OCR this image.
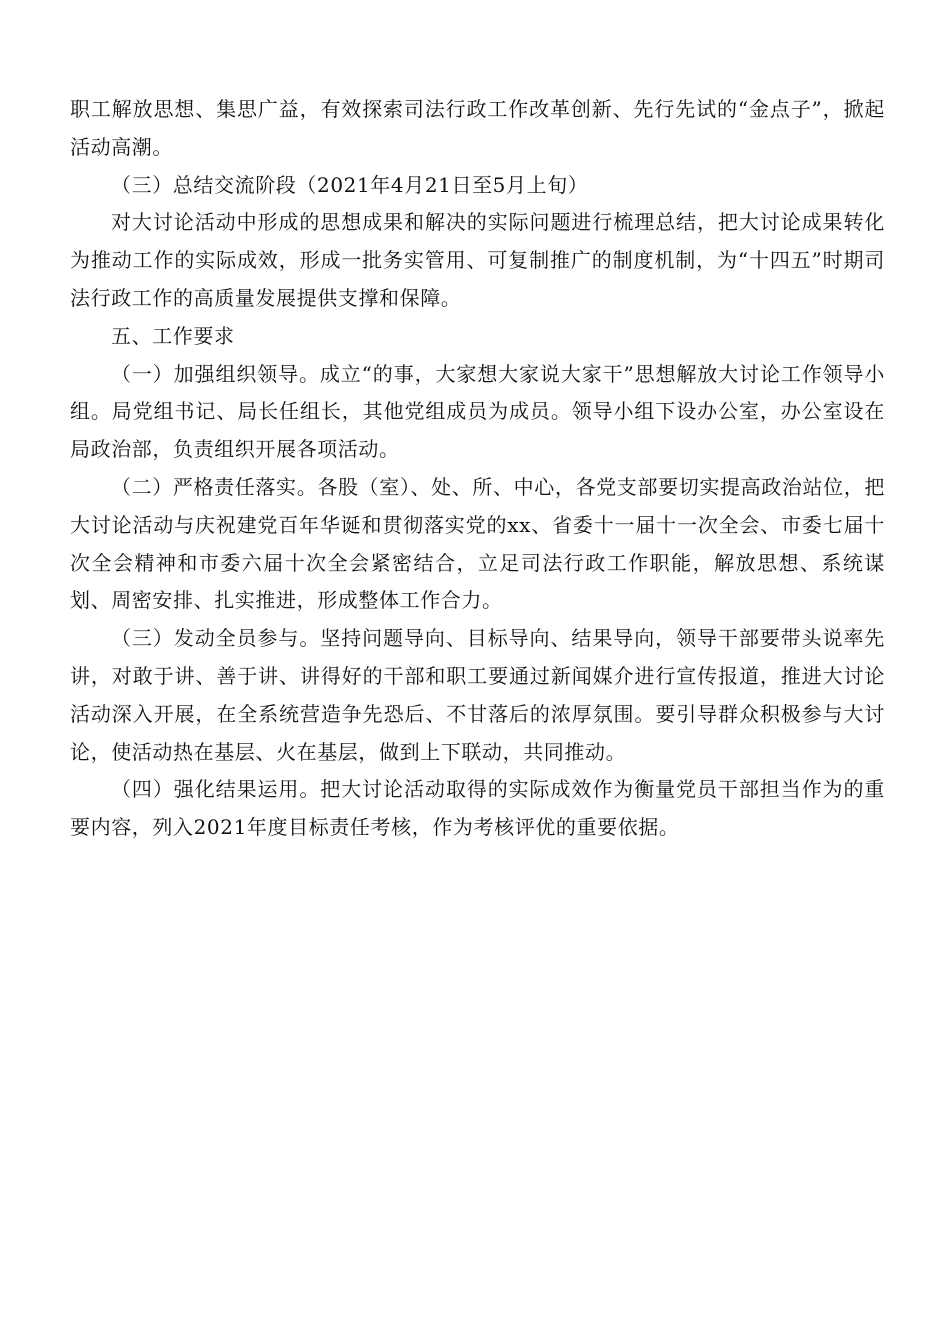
职工解放思想、集思广益，有效探索司法行政工作改革创新、先行先试的“金点子”，掀起活动高潮。

（三）总结交流阶段（2021年4月21日至5月上旬）

对大讨论活动中形成的思想成果和解决的实际问题进行梳理总结，把大讨论成果转化为推动工作的实际成效，形成一批务实管用、可复制推广的制度机制，为“十四五”时期司法行政工作的高质量发展提供支撑和保障。

五、工作要求

（一）加强组织领导。成立“的事，大家想大家说大家干”思想解放大讨论工作领导小组。局党组书记、局长任组长，其他党组成员为成员。领导小组下设办公室，办公室设在局政治部，负责组织开展各项活动。

（二）严格责任落实。各股（室）、处、所、中心，各党支部要切实提高政治站位，把大讨论活动与庆祝建党百年华诞和贯彻落实党的xx、省委十一届十一次全会、市委七届十次全会精神和市委六届十次全会紧密结合，立足司法行政工作职能，解放思想、系统谋划、周密安排、扎实推进，形成整体工作合力。

（三）发动全员参与。坚持问题导向、目标导向、结果导向，领导干部要带头说率先讲，对敢于讲、善于讲、讲得好的干部和职工要通过新闻媒介进行宣传报道，推进大讨论活动深入开展，在全系统营造争先恐后、不甘落后的浓厚氛围。要引导群众积极参与大讨论，使活动热在基层、火在基层，做到上下联动，共同推动。

（四）强化结果运用。把大讨论活动取得的实际成效作为衡量党员干部担当作为的重要内容，列入2021年度目标责任考核，作为考核评优的重要依据。
